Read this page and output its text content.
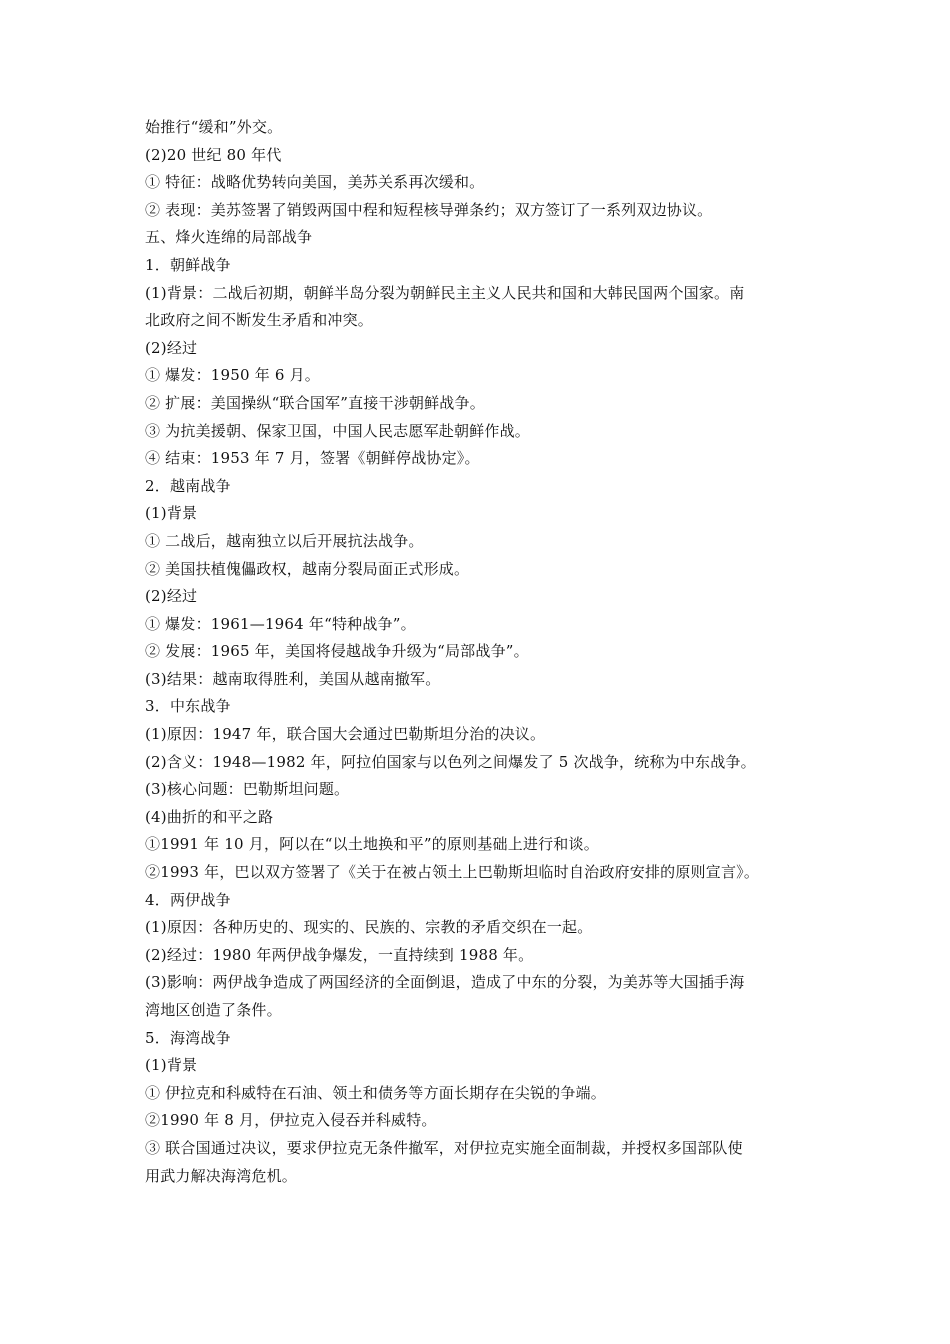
始推行“缓和”外交。
(2)20 世纪 80 年代
① 特征：战略优势转向美国，美苏关系再次缓和。
② 表现：美苏签署了销毁两国中程和短程核导弹条约；双方签订了一系列双边协议。
五、烽火连绵的局部战争
1．朝鲜战争
(1)背景：二战后初期，朝鲜半岛分裂为朝鲜民主主义人民共和国和大韩民国两个国家。南
北政府之间不断发生矛盾和冲突。
(2)经过
① 爆发：1950 年 6 月。
② 扩展：美国操纵“联合国军”直接干涉朝鲜战争。
③ 为抗美援朝、保家卫国，中国人民志愿军赴朝鲜作战。
④ 结束：1953 年 7 月，签署《朝鲜停战协定》。
2．越南战争
(1)背景
① 二战后，越南独立以后开展抗法战争。
② 美国扶植傀儡政权，越南分裂局面正式形成。
(2)经过
① 爆发：1961—1964 年“特种战争”。
② 发展：1965 年，美国将侵越战争升级为“局部战争”。
(3)结果：越南取得胜利，美国从越南撤军。
3．中东战争
(1)原因：1947 年，联合国大会通过巴勒斯坦分治的决议。
(2)含义：1948—1982 年，阿拉伯国家与以色列之间爆发了 5 次战争，统称为中东战争。
(3)核心问题：巴勒斯坦问题。
(4)曲折的和平之路
①1991 年 10 月，阿以在“以土地换和平”的原则基础上进行和谈。
②1993 年，巴以双方签署了《关于在被占领土上巴勒斯坦临时自治政府安排的原则宣言》。
4．两伊战争
(1)原因：各种历史的、现实的、民族的、宗教的矛盾交织在一起。
(2)经过：1980 年两伊战争爆发，一直持续到 1988 年。
(3)影响：两伊战争造成了两国经济的全面倒退，造成了中东的分裂，为美苏等大国插手海
湾地区创造了条件。
5．海湾战争
(1)背景
① 伊拉克和科威特在石油、领土和债务等方面长期存在尖锐的争端。
②1990 年 8 月，伊拉克入侵吞并科威特。
③ 联合国通过决议，要求伊拉克无条件撤军，对伊拉克实施全面制裁，并授权多国部队使
用武力解决海湾危机。
